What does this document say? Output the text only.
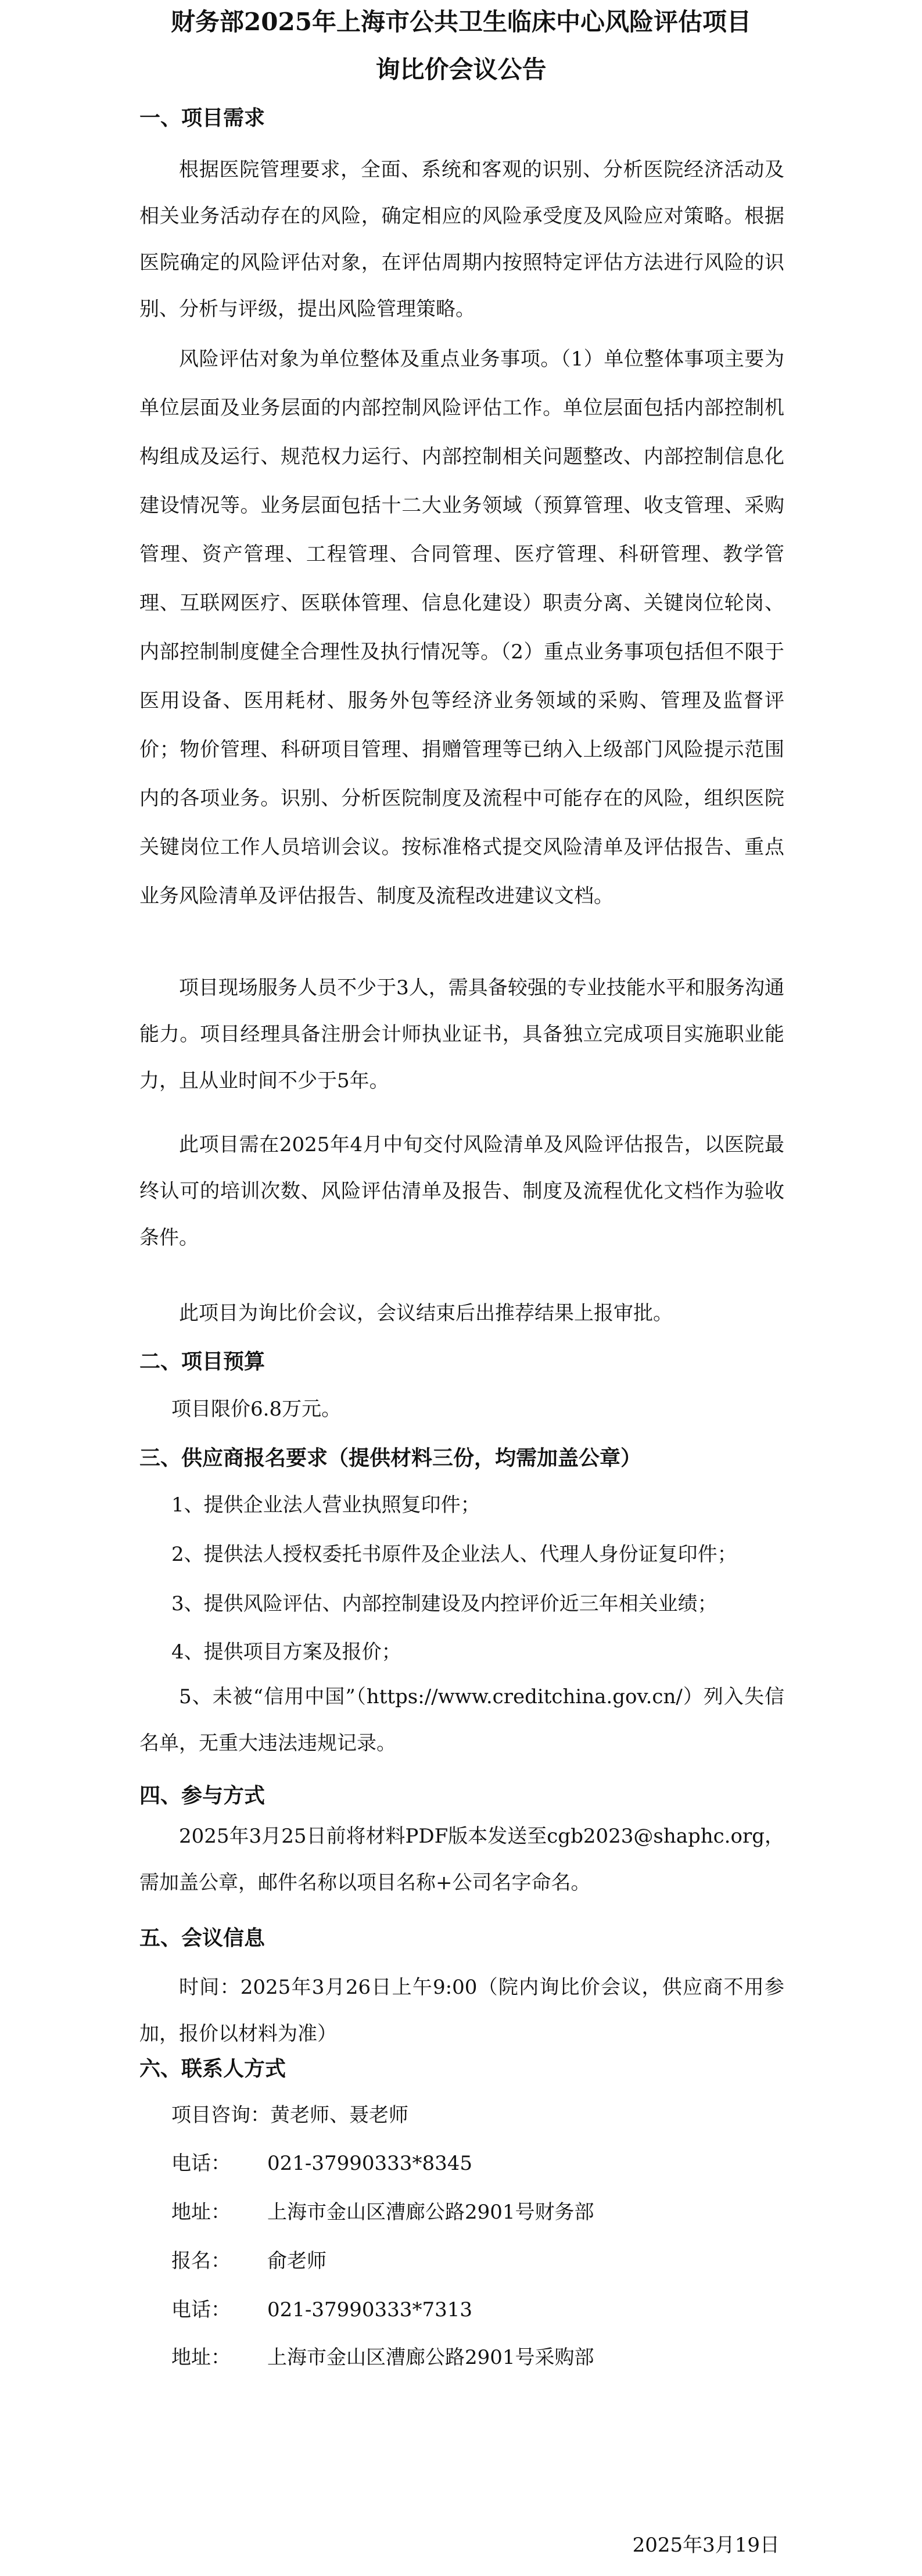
财务部2025年上海市公共卫生临床中心风险评估项目
询比价会议公告
一、项目需求
根据医院管理要求，全面、系统和客观的识别、分析医院经济活动及相关业务活动存在的风险，确定相应的风险承受度及风险应对策略。根据医院确定的风险评估对象，在评估周期内按照特定评估方法进行风险的识别、分析与评级，提出风险管理策略。
风险评估对象为单位整体及重点业务事项。（1）单位整体事项主要为单位层面及业务层面的内部控制风险评估工作。单位层面包括内部控制机构组成及运行、规范权力运行、内部控制相关问题整改、内部控制信息化建设情况等。业务层面包括十二大业务领域（预算管理、收支管理、采购管理、资产管理、工程管理、合同管理、医疗管理、科研管理、教学管理、互联网医疗、医联体管理、信息化建设）职责分离、关键岗位轮岗、内部控制制度健全合理性及执行情况等。（2）重点业务事项包括但不限于医用设备、医用耗材、服务外包等经济业务领域的采购、管理及监督评价；物价管理、科研项目管理、捐赠管理等已纳入上级部门风险提示范围内的各项业务。识别、分析医院制度及流程中可能存在的风险，组织医院关键岗位工作人员培训会议。按标准格式提交风险清单及评估报告、重点业务风险清单及评估报告、制度及流程改进建议文档。
项目现场服务人员不少于3人，需具备较强的专业技能水平和服务沟通能力。项目经理具备注册会计师执业证书，具备独立完成项目实施职业能力，且从业时间不少于5年。
此项目需在2025年4月中旬交付风险清单及风险评估报告，以医院最终认可的培训次数、风险评估清单及报告、制度及流程优化文档作为验收条件。
此项目为询比价会议，会议结束后出推荐结果上报审批。
二、项目预算
项目限价6.8万元。
三、供应商报名要求（提供材料三份，均需加盖公章）
1、提供企业法人营业执照复印件；
2、提供法人授权委托书原件及企业法人、代理人身份证复印件；
3、提供风险评估、内部控制建设及内控评价近三年相关业绩；
4、提供项目方案及报价；
5、未被“信用中国”（https://www.creditchina.gov.cn/）列入失信名单，无重大违法违规记录。
四、参与方式
2025年3月25日前将材料PDF版本发送至cgb2023@shaphc.org，需加盖公章，邮件名称以项目名称+公司名字命名。
五、会议信息
时间：2025年3月26日上午9:00（院内询比价会议，供应商不用参加，报价以材料为准）
六、联系人方式
项目咨询：黄老师、聂老师
电话： 021-37990333*8345
地址： 上海市金山区漕廊公路2901号财务部
报名： 俞老师
电话： 021-37990333*7313
地址： 上海市金山区漕廊公路2901号采购部
2025年3月19日
